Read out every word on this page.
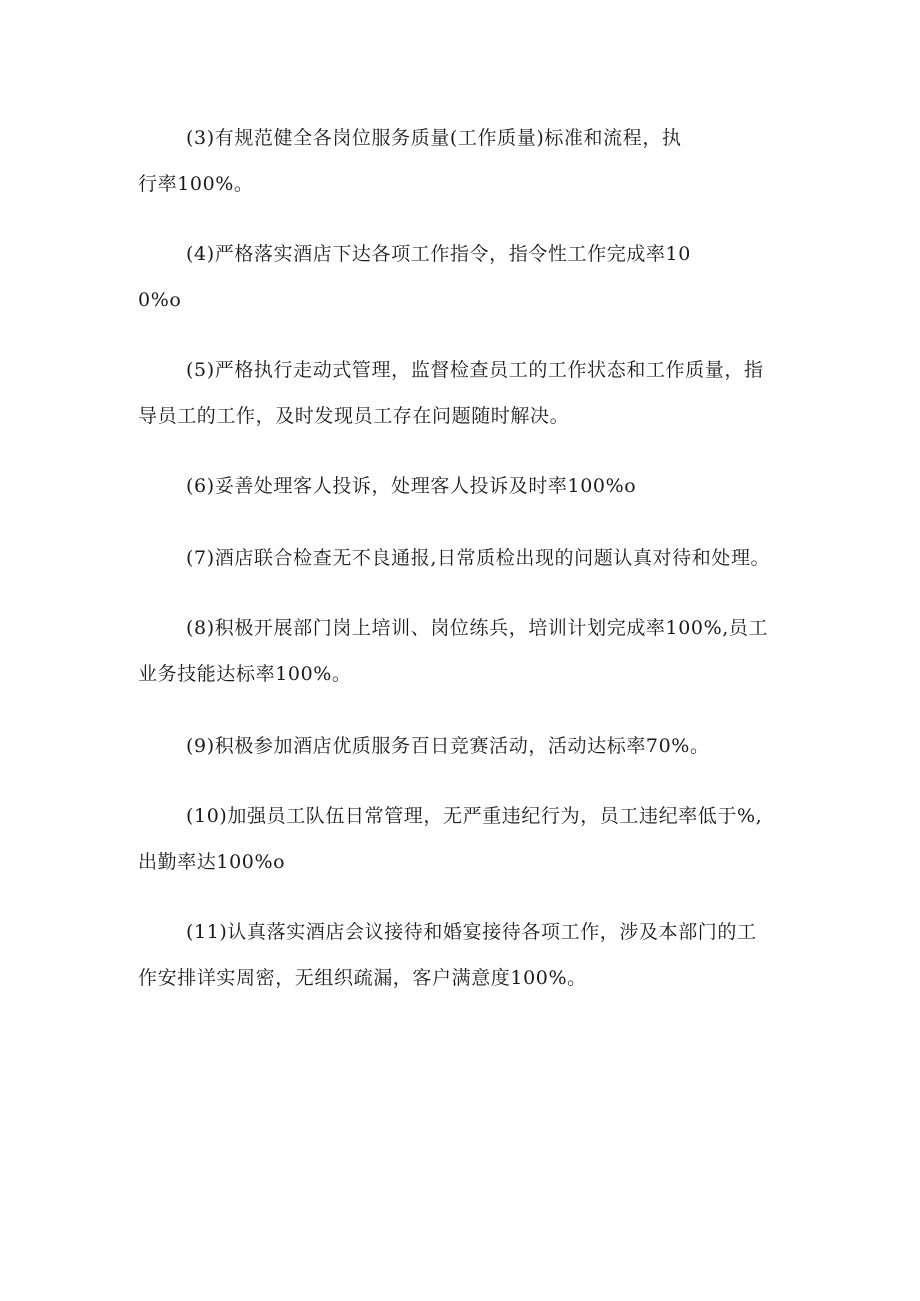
(3)有规范健全各岗位服务质量(工作质量)标准和流程，执

行率100%。

(4)严格落实酒店下达各项工作指令，指令性工作完成率10

0%o

(5)严格执行走动式管理，监督检查员工的工作状态和工作质量，指

导员工的工作，及时发现员工存在问题随时解决。

(6)妥善处理客人投诉，处理客人投诉及时率100%o

(7)酒店联合检查无不良通报,日常质检出现的问题认真对待和处理。

(8)积极开展部门岗上培训、岗位练兵，培训计划完成率100%,员工

业务技能达标率100%。

(9)积极参加酒店优质服务百日竞赛活动，活动达标率70%。

(10)加强员工队伍日常管理，无严重违纪行为，员工违纪率低于%,

出勤率达100%o

(11)认真落实酒店会议接待和婚宴接待各项工作，涉及本部门的工

作安排详实周密，无组织疏漏，客户满意度100%。
